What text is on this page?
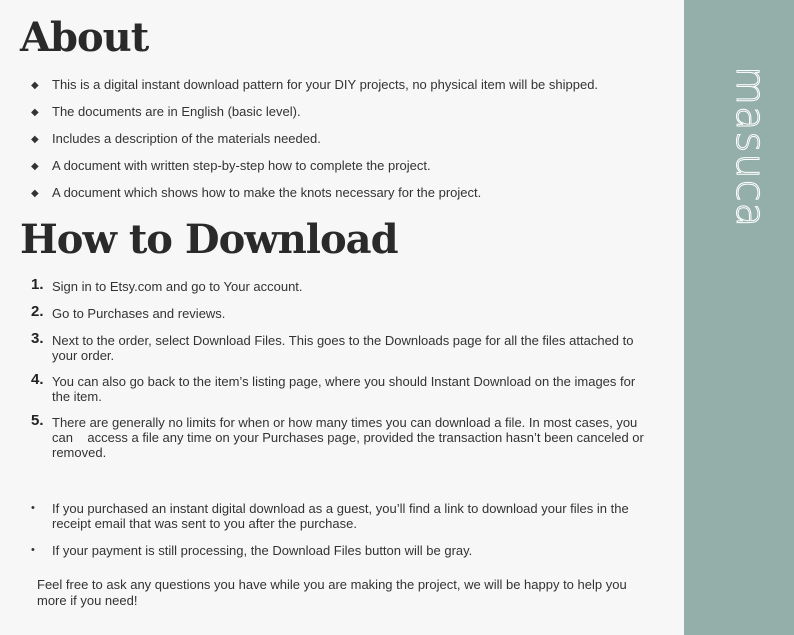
About
◆ This is a digital instant download pattern for your DIY projects, no physical item will be shipped.
◆ The documents are in English (basic level).
◆ Includes a description of the materials needed.
◆ A document with written step-by-step how to complete the project.
◆ A document which shows how to make the knots necessary for the project.
How to Download
1. Sign in to Etsy.com and go to Your account.
2. Go to Purchases and reviews.
3. Next to the order, select Download Files. This goes to the Downloads page for all the files attached to your order.
4. You can also go back to the item’s listing page, where you should Instant Download on the images for the item.
5. There are generally no limits for when or how many times you can download a file. In most cases, you can    access a file any time on your Purchases page, provided the transaction hasn’t been canceled or removed.
• If you purchased an instant digital download as a guest, you’ll find a link to download your files in the receipt email that was sent to you after the purchase.
• If your payment is still processing, the Download Files button will be gray.

Feel free to ask any questions you have while you are making the project, we will be happy to help you more if you need!

masuca
